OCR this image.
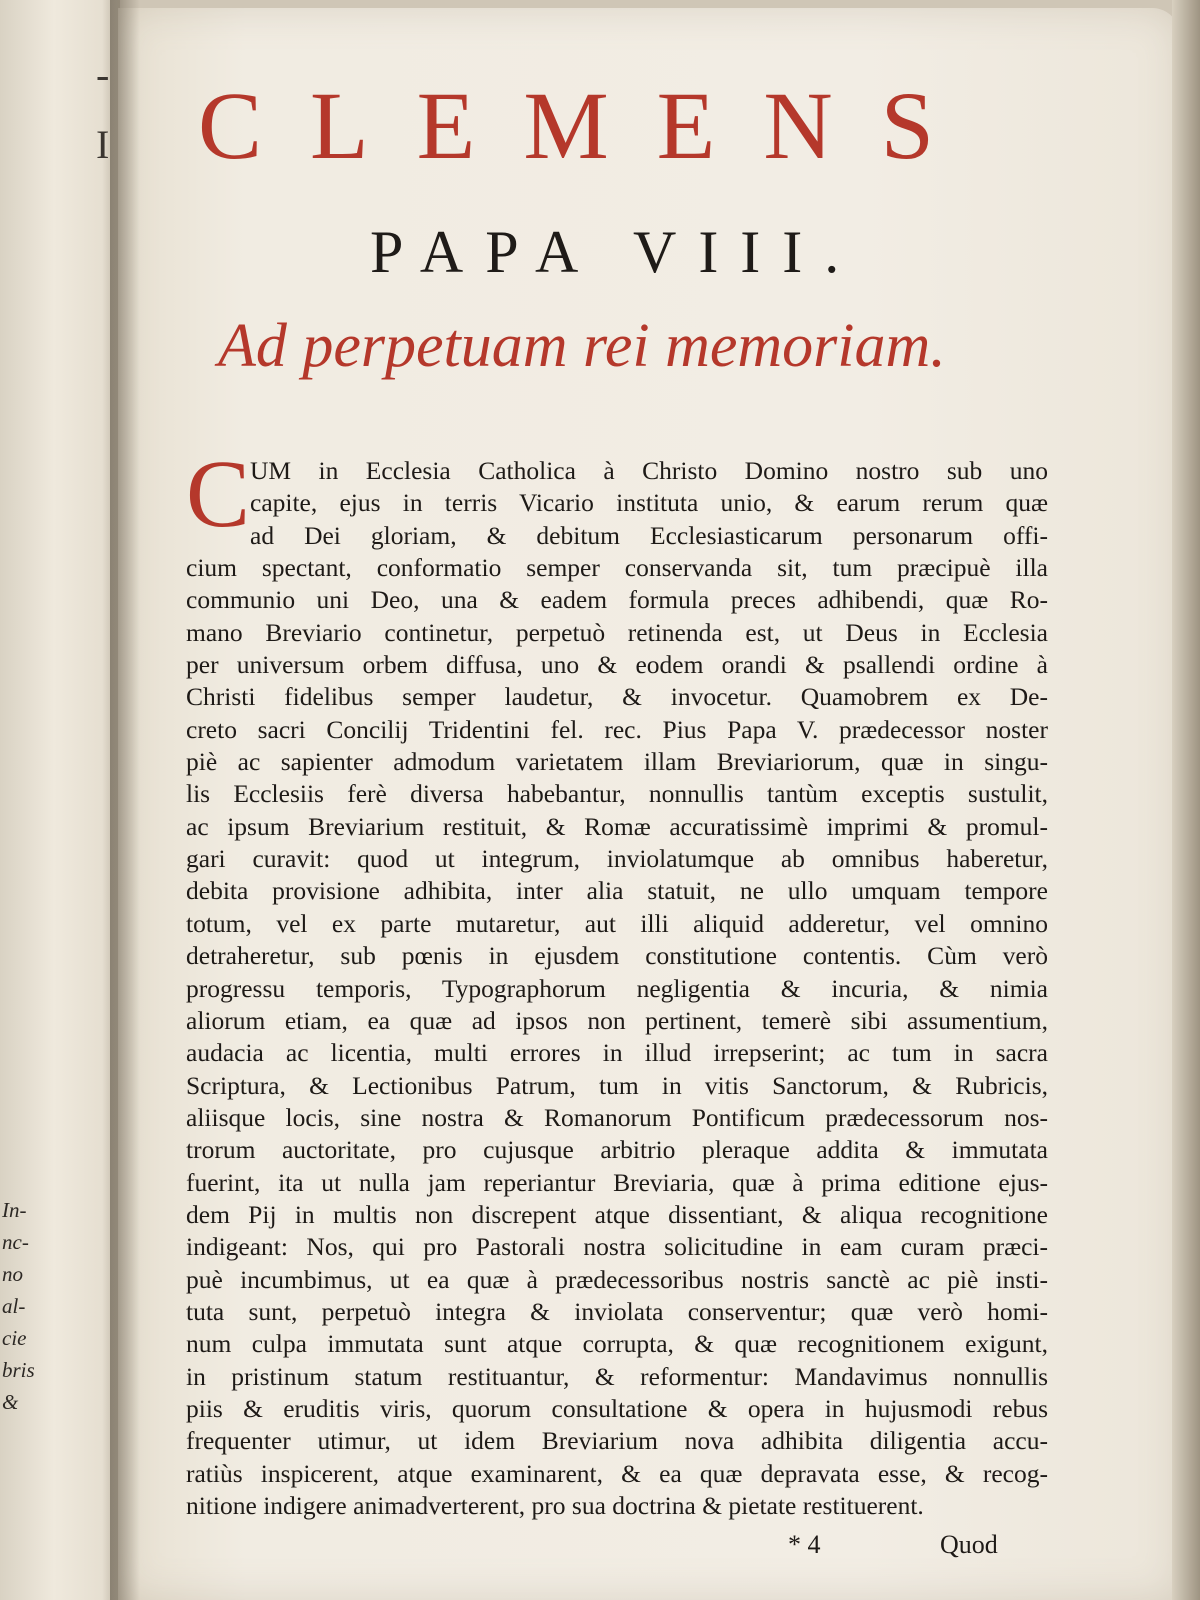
-
I
In-
nc-
no
al-
cie
bris
&
CLEMENS
PAPA VIII.
Ad perpetuam rei memoriam.
C UM in Ecclesia Catholica à Christo Domino nostro sub uno
capite, ejus in terris Vicario instituta unio, & earum rerum quæ
ad Dei gloriam, & debitum Ecclesiasticarum personarum offi-
cium spectant, conformatio semper conservanda sit, tum præcipuè illa
communio uni Deo, una & eadem formula preces adhibendi, quæ Ro-
mano Breviario continetur, perpetuò retinenda est, ut Deus in Ecclesia
per universum orbem diffusa, uno & eodem orandi & psallendi ordine à
Christi fidelibus semper laudetur, & invocetur. Quamobrem ex De-
creto sacri Concilij Tridentini fel. rec. Pius Papa V. prædecessor noster
piè ac sapienter admodum varietatem illam Breviariorum, quæ in singu-
lis Ecclesiis ferè diversa habebantur, nonnullis tantùm exceptis sustulit,
ac ipsum Breviarium restituit, & Romæ accuratissimè imprimi & promul-
gari curavit: quod ut integrum, inviolatumque ab omnibus haberetur,
debita provisione adhibita, inter alia statuit, ne ullo umquam tempore
totum, vel ex parte mutaretur, aut illi aliquid adderetur, vel omnino
detraheretur, sub pœnis in ejusdem constitutione contentis. Cùm verò
progressu temporis, Typographorum negligentia & incuria, & nimia
aliorum etiam, ea quæ ad ipsos non pertinent, temerè sibi assumentium,
audacia ac licentia, multi errores in illud irrepserint; ac tum in sacra
Scriptura, & Lectionibus Patrum, tum in vitis Sanctorum, & Rubricis,
aliisque locis, sine nostra & Romanorum Pontificum prædecessorum nos-
trorum auctoritate, pro cujusque arbitrio pleraque addita & immutata
fuerint, ita ut nulla jam reperiantur Breviaria, quæ à prima editione ejus-
dem Pij in multis non discrepent atque dissentiant, & aliqua recognitione
indigeant: Nos, qui pro Pastorali nostra solicitudine in eam curam præci-
puè incumbimus, ut ea quæ à prædecessoribus nostris sanctè ac piè insti-
tuta sunt, perpetuò integra & inviolata conserventur; quæ verò homi-
num culpa immutata sunt atque corrupta, & quæ recognitionem exigunt,
in pristinum statum restituantur, & reformentur: Mandavimus nonnullis
piis & eruditis viris, quorum consultatione & opera in hujusmodi rebus
frequenter utimur, ut idem Breviarium nova adhibita diligentia accu-
ratiùs inspicerent, atque examinarent, & ea quæ depravata esse, & recog-
nitione indigere animadverterent, pro sua doctrina & pietate restituerent.
* 4	Quod
